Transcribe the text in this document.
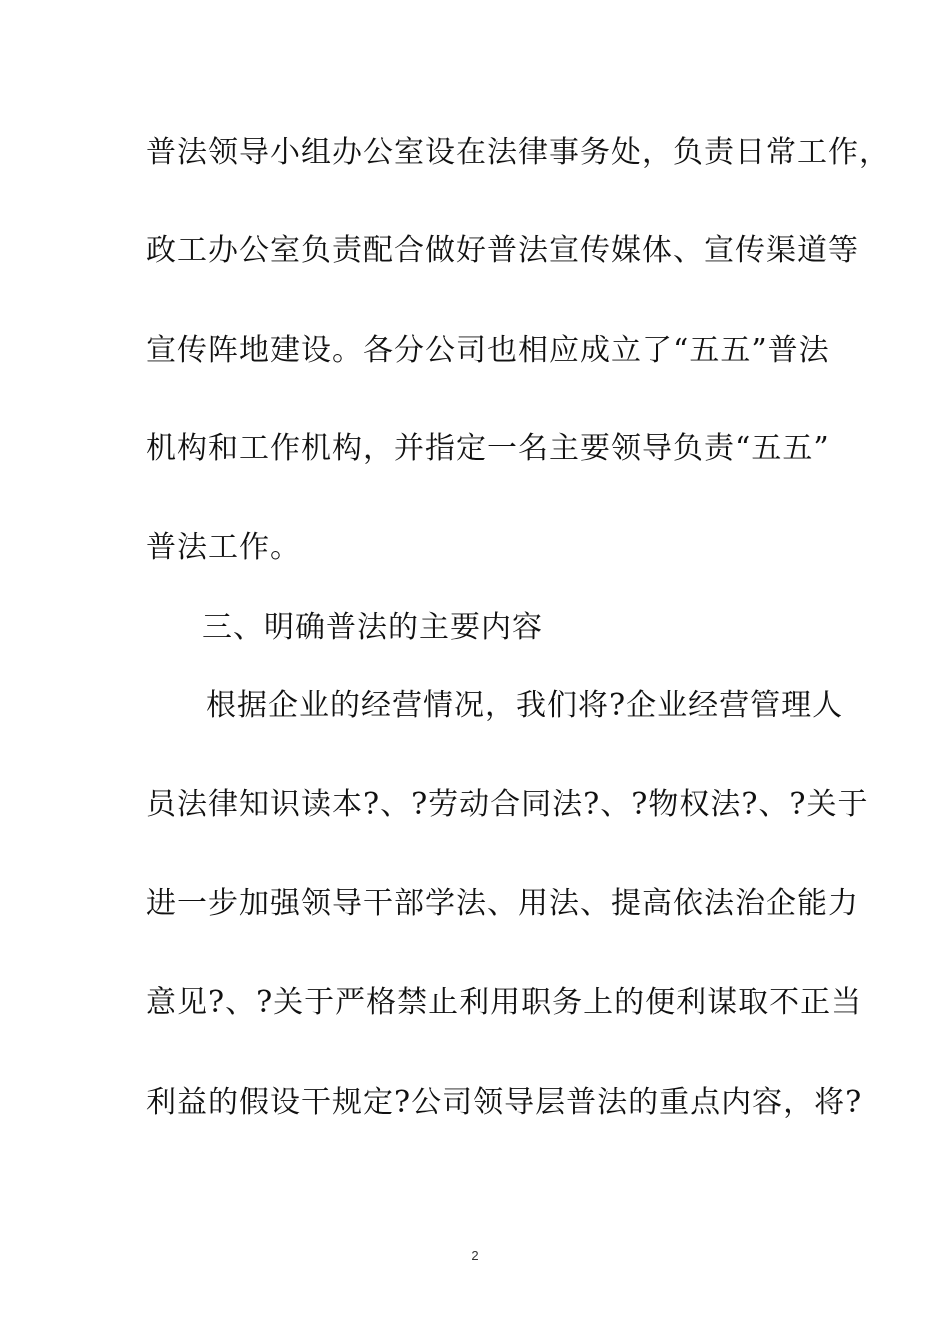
普法领导小组办公室设在法律事务处，负责日常工作，
政工办公室负责配合做好普法宣传媒体、宣传渠道等
宣传阵地建设。各分公司也相应成立了“五五”普法
机构和工作机构，并指定一名主要领导负责“五五”
普法工作。
三、明确普法的主要内容
根据企业的经营情况，我们将?企业经营管理人
员法律知识读本?、?劳动合同法?、?物权法?、?关于
进一步加强领导干部学法、用法、提高依法治企能力
意见?、?关于严格禁止利用职务上的便利谋取不正当
利益的假设干规定?公司领导层普法的重点内容，将?
2
